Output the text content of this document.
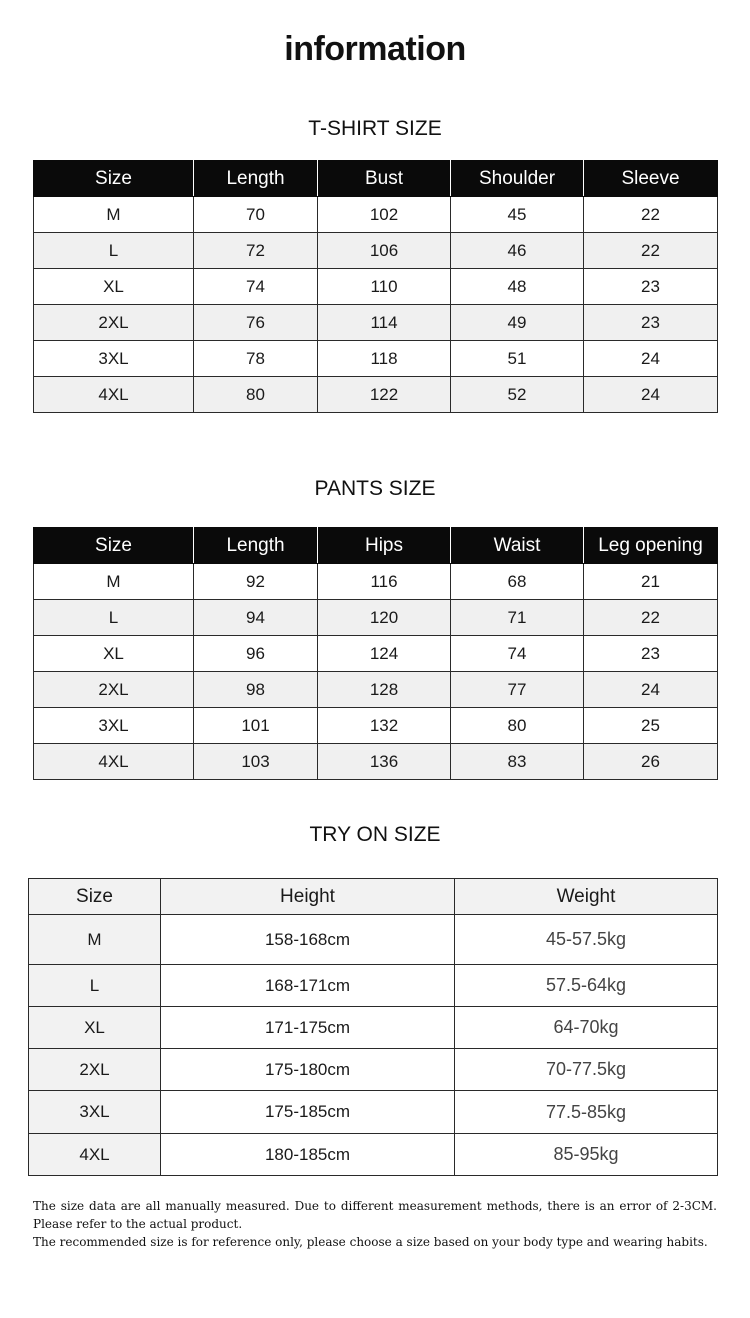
information
T-SHIRT SIZE
Size	Length	Bust	Shoulder	Sleeve
M	70	102	45	22
L	72	106	46	22
XL	74	110	48	23
2XL	76	114	49	23
3XL	78	118	51	24
4XL	80	122	52	24
PANTS SIZE
Size	Length	Hips	Waist	Leg opening
M	92	116	68	21
L	94	120	71	22
XL	96	124	74	23
2XL	98	128	77	24
3XL	101	132	80	25
4XL	103	136	83	26
TRY ON SIZE
Size	Height	Weight
M	158-168cm	45-57.5kg
L	168-171cm	57.5-64kg
XL	171-175cm	64-70kg
2XL	175-180cm	70-77.5kg
3XL	175-185cm	77.5-85kg
4XL	180-185cm	85-95kg

The size data are all manually measured. Due to different measurement methods, there is an error of 2-3CM. Please refer to the actual product.

The recommended size is for reference only, please choose a size based on your body type and wearing habits.
